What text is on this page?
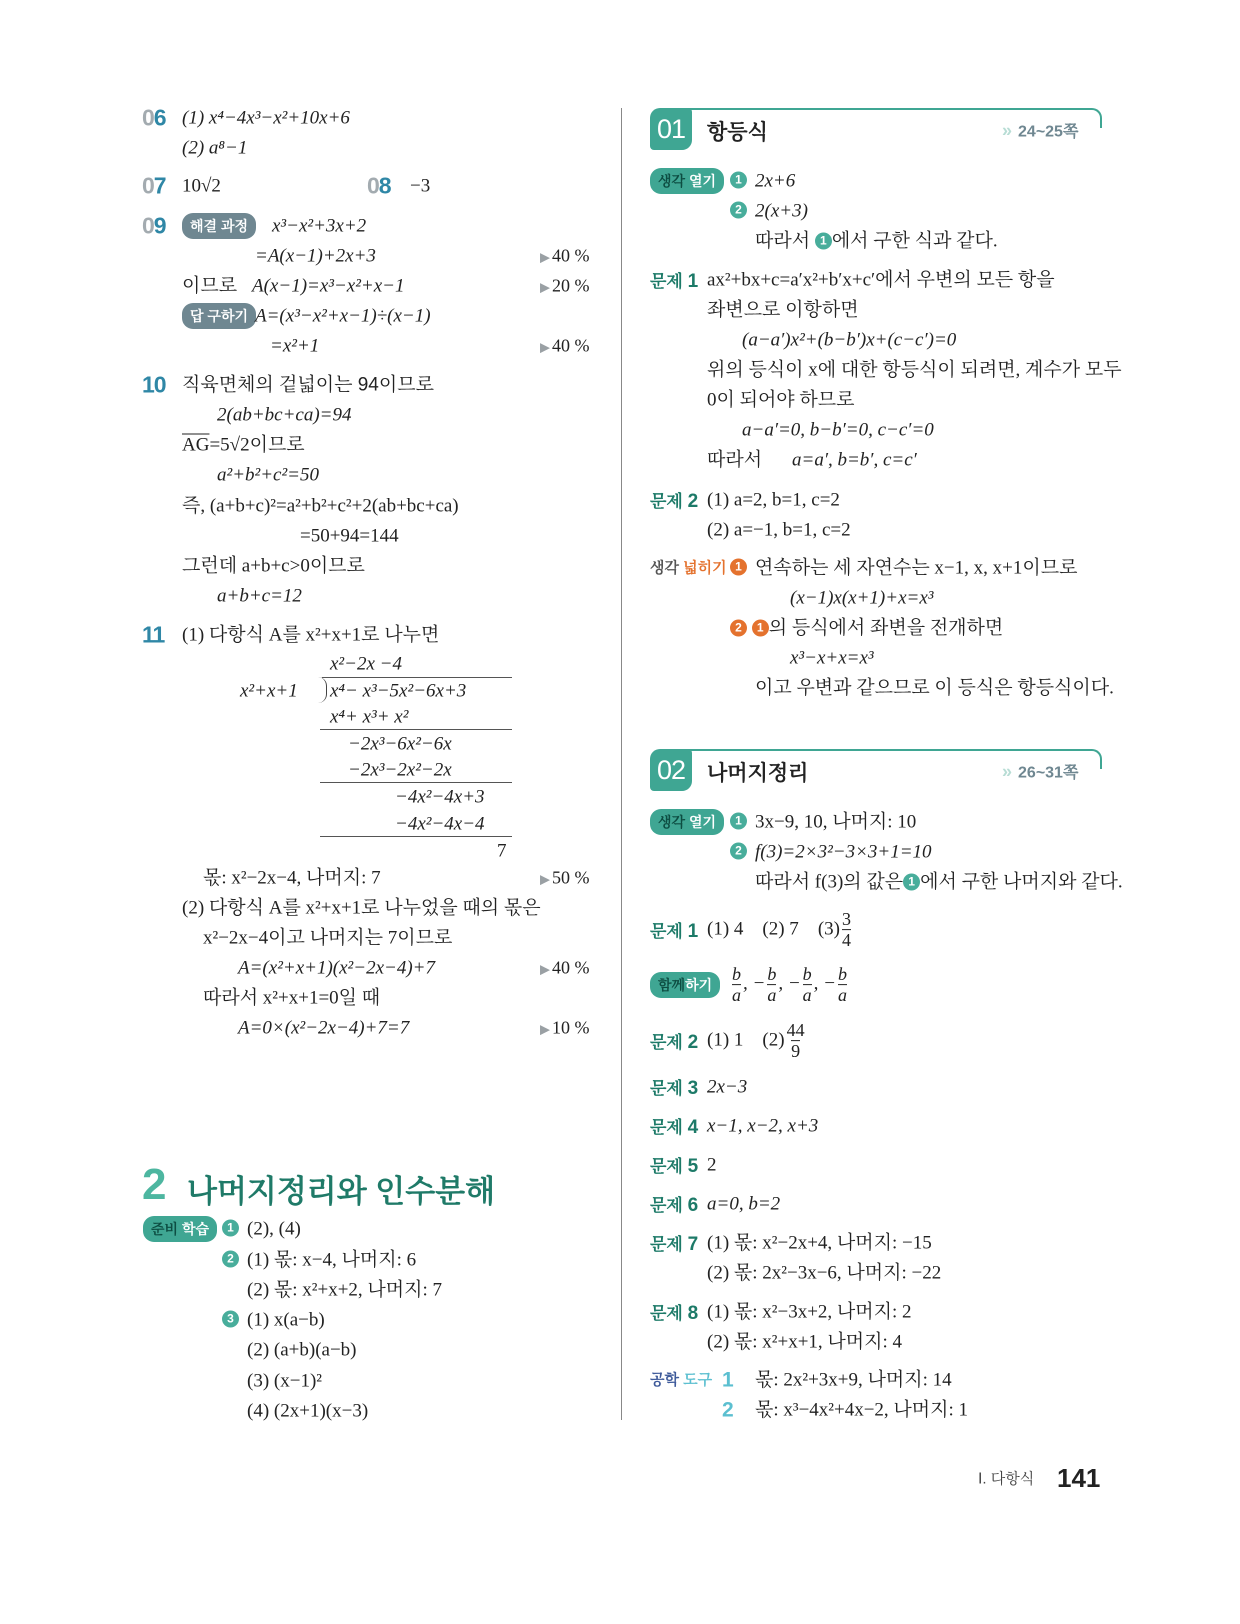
06 (1) x⁴−4x³−x²+10x+6
(2) a⁸−1
07 10√2	08 −3
09	해결 과정	x³−x²+3x+2
=A(x−1)+2x+3	▶ 40 %
이므로 A(x−1)=x³−x²+x−1	▶ 20 %
답 구하기 A=(x³−x²+x−1)÷(x−1)
=x²+1	▶ 40 %
10 직육면체의 겉넓이는 94이므로
2(ab+bc+ca)=94
$\overline{AG}=5√2$이므로
a²+b²+c²=50
즉, (a+b+c)²=a²+b²+c²+2(ab+bc+ca)
=50+94=144
그런데 a+b+c>0이므로
a+b+c=12
11 (1) 다항식 A를 x²+x+1로 나누면
x²−2x −4
x²+x+1 x⁴− x³−5x²−6x+3
x⁴+ x³+ x²
−2x³−6x²−6x
−2x³−2x²−2x
−4x²−4x+3
−4x²−4x−4
7
몫: x²−2x−4, 나머지: 7	▶ 50 %
(2) 다항식 A를 x²+x+1로 나누었을 때의 몫은
x²−2x−4이고 나머지는 7이므로
A=(x²+x+1)(x²−2x−4)+7	▶ 40 %
따라서 x²+x+1=0일 때
A=0×(x²−2x−4)+7=7	▶ 10 %
2 나머지정리와 인수분해
준비 학습	1 (2), (4)
2 (1) 몫: x−4, 나머지: 6
(2) 몫: x²+x+2, 나머지: 7
3 (1) x(a−b)
(2) (a+b)(a−b)
(3) (x−1)²
(4) (2x+1)(x−3)
01	항등식	» 24~25쪽
생각 열기	1 2x+6
2 2(x+3)
따라서 1 에서 구한 식과 같다.
문제 1 ax²+bx+c=a′x²+b′x+c′에서 우변의 모든 항을
좌변으로 이항하면
(a−a′)x²+(b−b′)x+(c−c′)=0
위의 등식이 x에 대한 항등식이 되려면, 계수가 모두
0이 되어야 하므로
a−a′=0, b−b′=0, c−c′=0
따라서 a=a′, b=b′, c=c′
문제 2 (1) a=2, b=1, c=2
(2) a=−1, b=1, c=2
생각 넓히기 1 연속하는 세 자연수는 x−1, x, x+1이므로
(x−1)x(x+1)+x=x³
2 1 의 등식에서 좌변을 전개하면
x³−x+x=x³
이고 우변과 같으므로 이 등식은 항등식이다.
02	나머지정리	» 26~31쪽
생각 열기	1 3x−9, 10, 나머지: 10
2 f(3)=2×3²−3×3+1=10
따라서 f(3)의 값은 1 에서 구한 나머지와 같다.
문제 1 (1) 4 (2) 7 $(3) \frac{3}{4}$
함께하기	$\frac{b}{a}$ , − $\frac{b}{a}$ , − $\frac{b}{a}$ , − $\frac{b}{a}$
문제 2 (1) 1 $(2) \frac{44}{9}$
문제 3 2x−3
문제 4 x−1, x−2, x+3
문제 5 2
문제 6 a=0, b=2
문제 7 (1) 몫: x²−2x+4, 나머지: −15
(2) 몫: 2x²−3x−6, 나머지: −22
문제 8 (1) 몫: x²−3x+2, 나머지: 2
(2) 몫: x²+x+1, 나머지: 4
공학 도구 1 몫: 2x²+3x+9, 나머지: 14
2 몫: x³−4x²+4x−2, 나머지: 1
Ⅰ. 다항식 141
